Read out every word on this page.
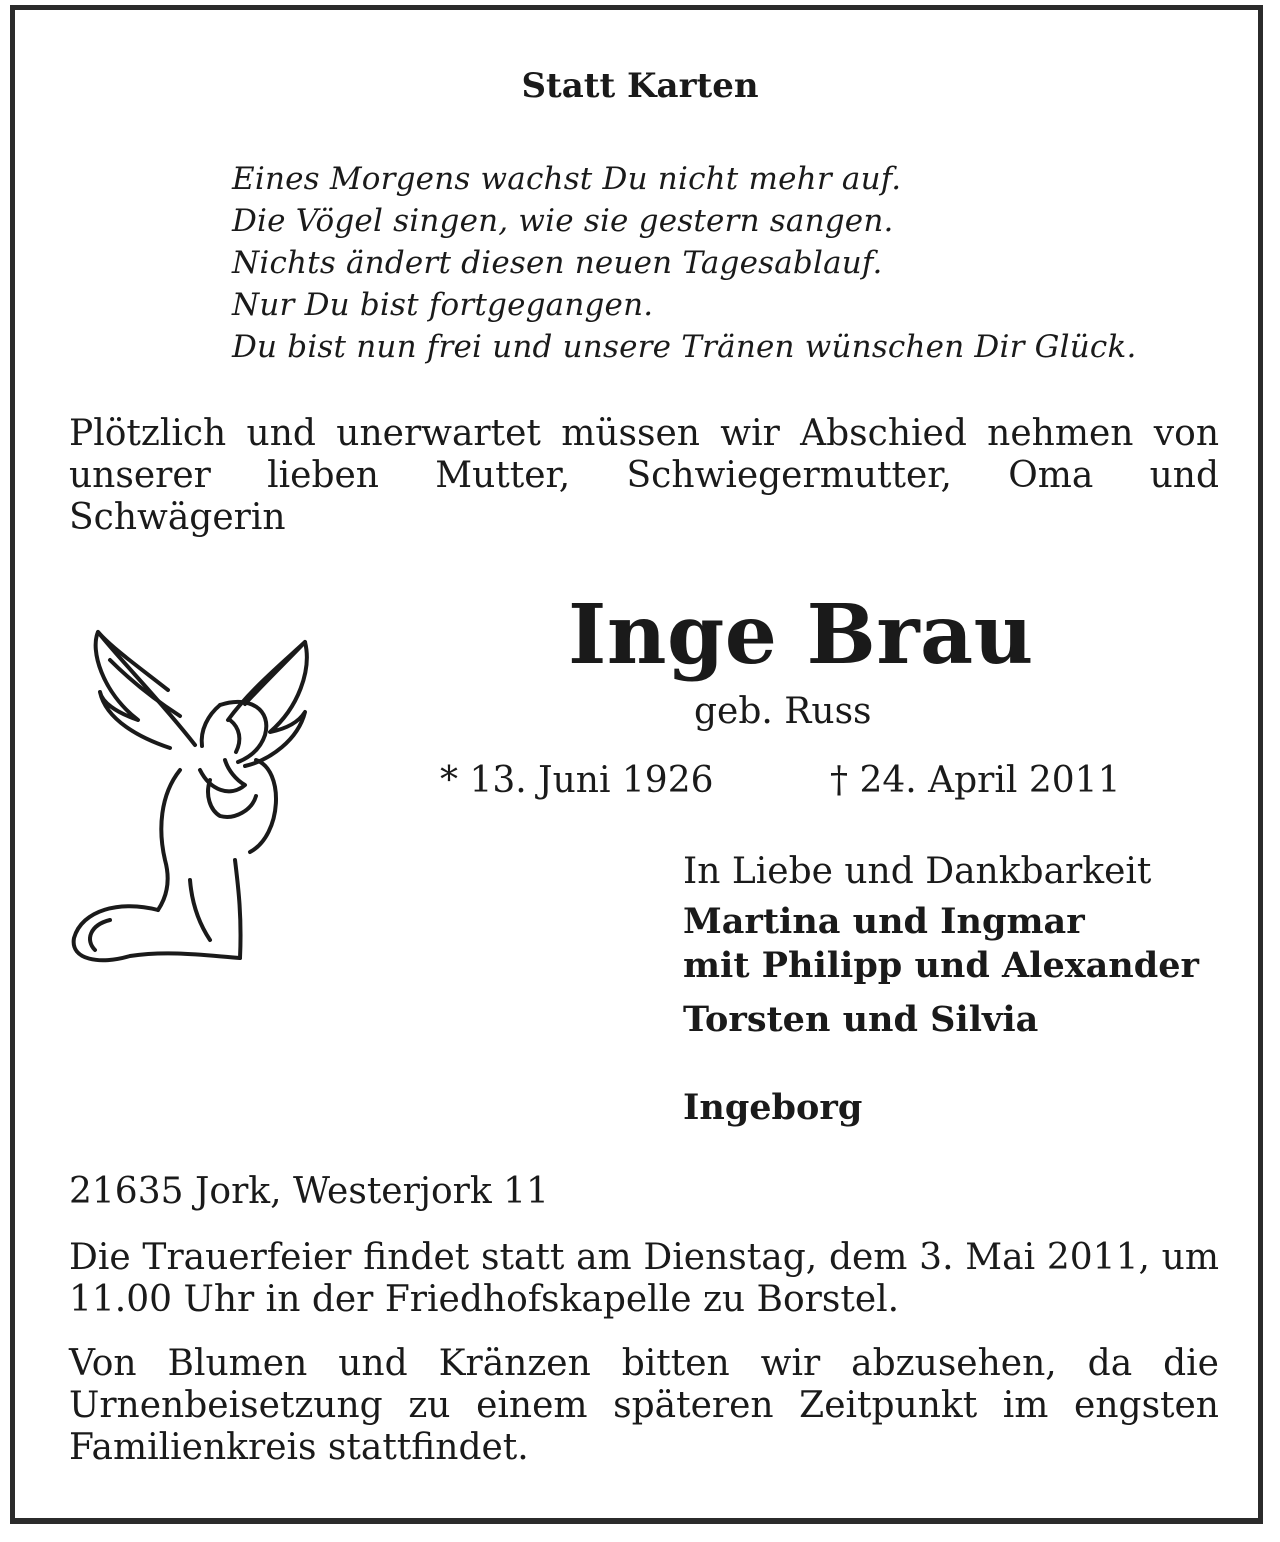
Statt Karten
Eines Morgens wachst Du nicht mehr auf.
Die Vögel singen, wie sie gestern sangen.
Nichts ändert diesen neuen Tagesablauf.
Nur Du bist fortgegangen.
Du bist nun frei und unsere Tränen wünschen Dir Glück.
Plötzlich und unerwartet müssen wir Abschied nehmen von unserer lieben Mutter, Schwiegermutter, Oma und Schwägerin
Inge Brau
geb. Russ
* 13. Juni 1926	† 24. April 2011
In Liebe und Dankbarkeit
Martina und Ingmar
mit Philipp und Alexander
Torsten und Silvia
Ingeborg
21635 Jork, Westerjork 11
Die Trauerfeier findet statt am Dienstag, dem 3. Mai 2011, um 11.00 Uhr in der Friedhofskapelle zu Borstel.
Von Blumen und Kränzen bitten wir abzusehen, da die Urnenbeisetzung zu einem späteren Zeitpunkt im engsten Familienkreis stattfindet.
